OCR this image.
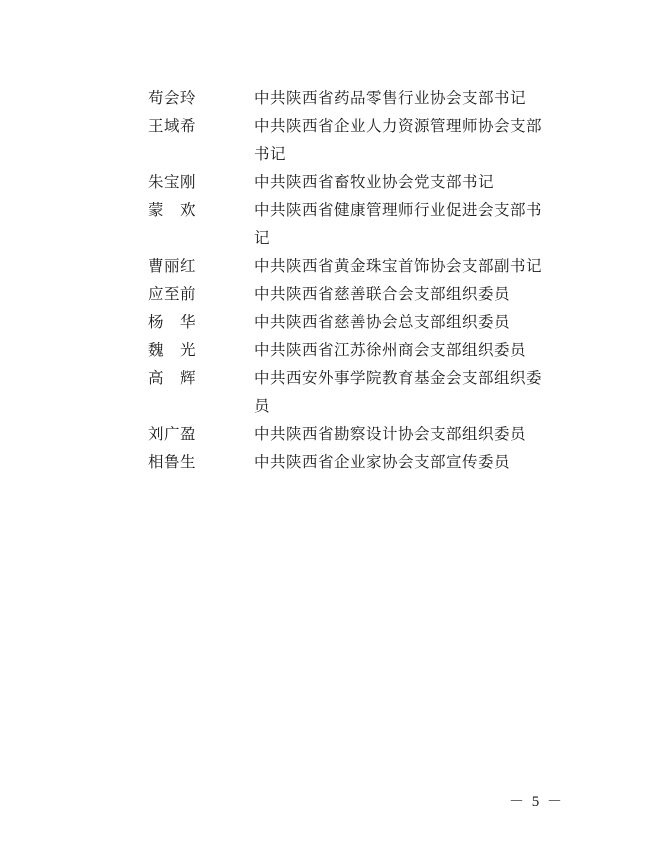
苟会玲	中共陕西省药品零售行业协会支部书记
王域希	中共陕西省企业人力资源管理师协会支部书记
朱宝刚	中共陕西省畜牧业协会党支部书记
蒙　欢	中共陕西省健康管理师行业促进会支部书记
曹丽红	中共陕西省黄金珠宝首饰协会支部副书记
应至前	中共陕西省慈善联合会支部组织委员
杨　华	中共陕西省慈善协会总支部组织委员
魏　光	中共陕西省江苏徐州商会支部组织委员
高　辉	中共西安外事学院教育基金会支部组织委员
刘广盈	中共陕西省勘察设计协会支部组织委员
相鲁生	中共陕西省企业家协会支部宣传委员
－ 5 －
